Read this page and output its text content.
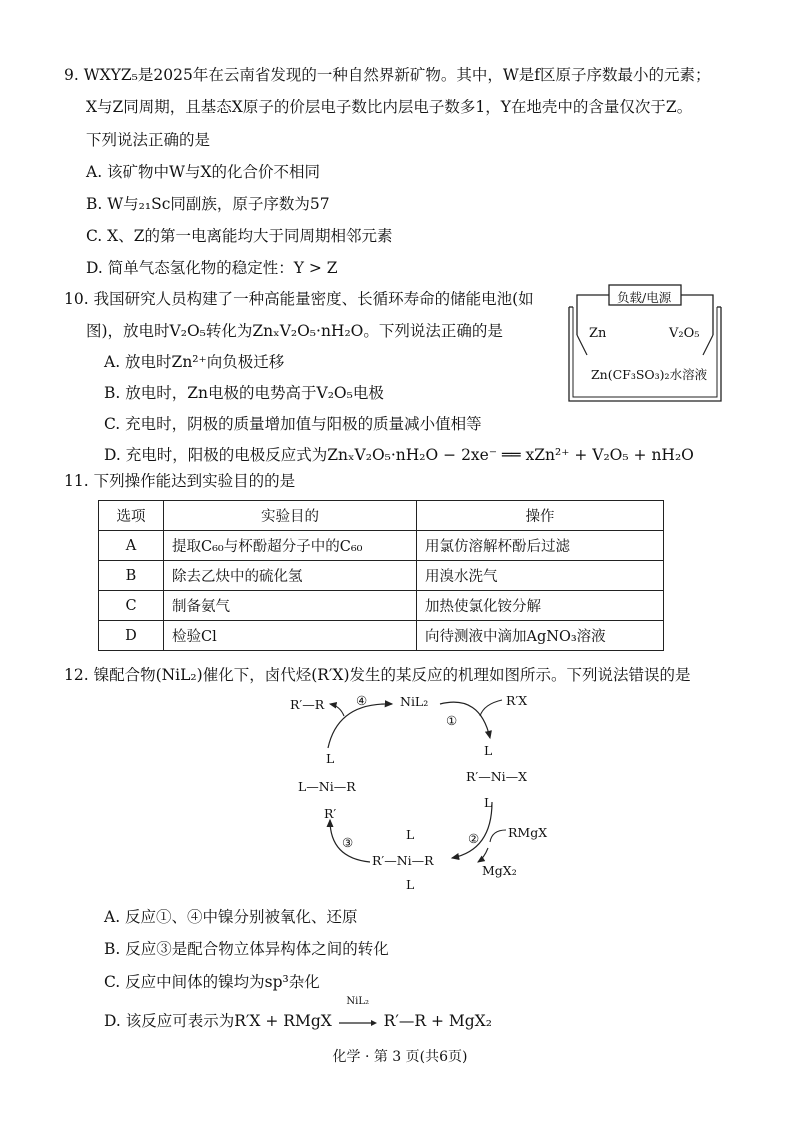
9. WXYZ₅是2025年在云南省发现的一种自然界新矿物。其中，W是f区原子序数最小的元素；
X与Z同周期，且基态X原子的价层电子数比内层电子数多1，Y在地壳中的含量仅次于Z。
下列说法正确的是
A. 该矿物中W与X的化合价不相同
B. W与₂₁Sc同副族，原子序数为57
C. X、Z的第一电离能均大于同周期相邻元素
D. 简单气态氢化物的稳定性：Y > Z
10. 我国研究人员构建了一种高能量密度、长循环寿命的储能电池(如
图)，放电时V₂O₅转化为ZnₓV₂O₅·nH₂O。下列说法正确的是
A. 放电时Zn²⁺向负极迁移
B. 放电时，Zn电极的电势高于V₂O₅电极
C. 充电时，阴极的质量增加值与阳极的质量减小值相等
D. 充电时，阳极的电极反应式为ZnₓV₂O₅·nH₂O − 2xe⁻ ══ xZn²⁺ + V₂O₅ + nH₂O
负载/电源
Zn	V₂O₅
Zn(CF₃SO₃)₂水溶液
11. 下列操作能达到实验目的的是
选项	实验目的	操作
A	提取C₆₀与杯酚超分子中的C₆₀	用氯仿溶解杯酚后过滤
B	除去乙炔中的硫化氢	用溴水洗气
C	制备氨气	加热使氯化铵分解
D	检验Cl	向待测液中滴加AgNO₃溶液
12. 镍配合物(NiL₂)催化下，卤代烃(R′X)发生的某反应的机理如图所示。下列说法错误的是
NiL₂
R′—R	④
①
R′X
L
R′—Ni—X
L
L
L—Ni—R
R′
L
R′—Ni—R
L
② RMgX
MgX₂
③
A. 反应①、④中镍分别被氧化、还原
B. 反应③是配合物立体异构体之间的转化
C. 反应中间体的镍均为sp³杂化
D. 该反应可表示为R′X + RMgX
NiL₂
R′—R + MgX₂
化学 · 第 3 页(共6页)
